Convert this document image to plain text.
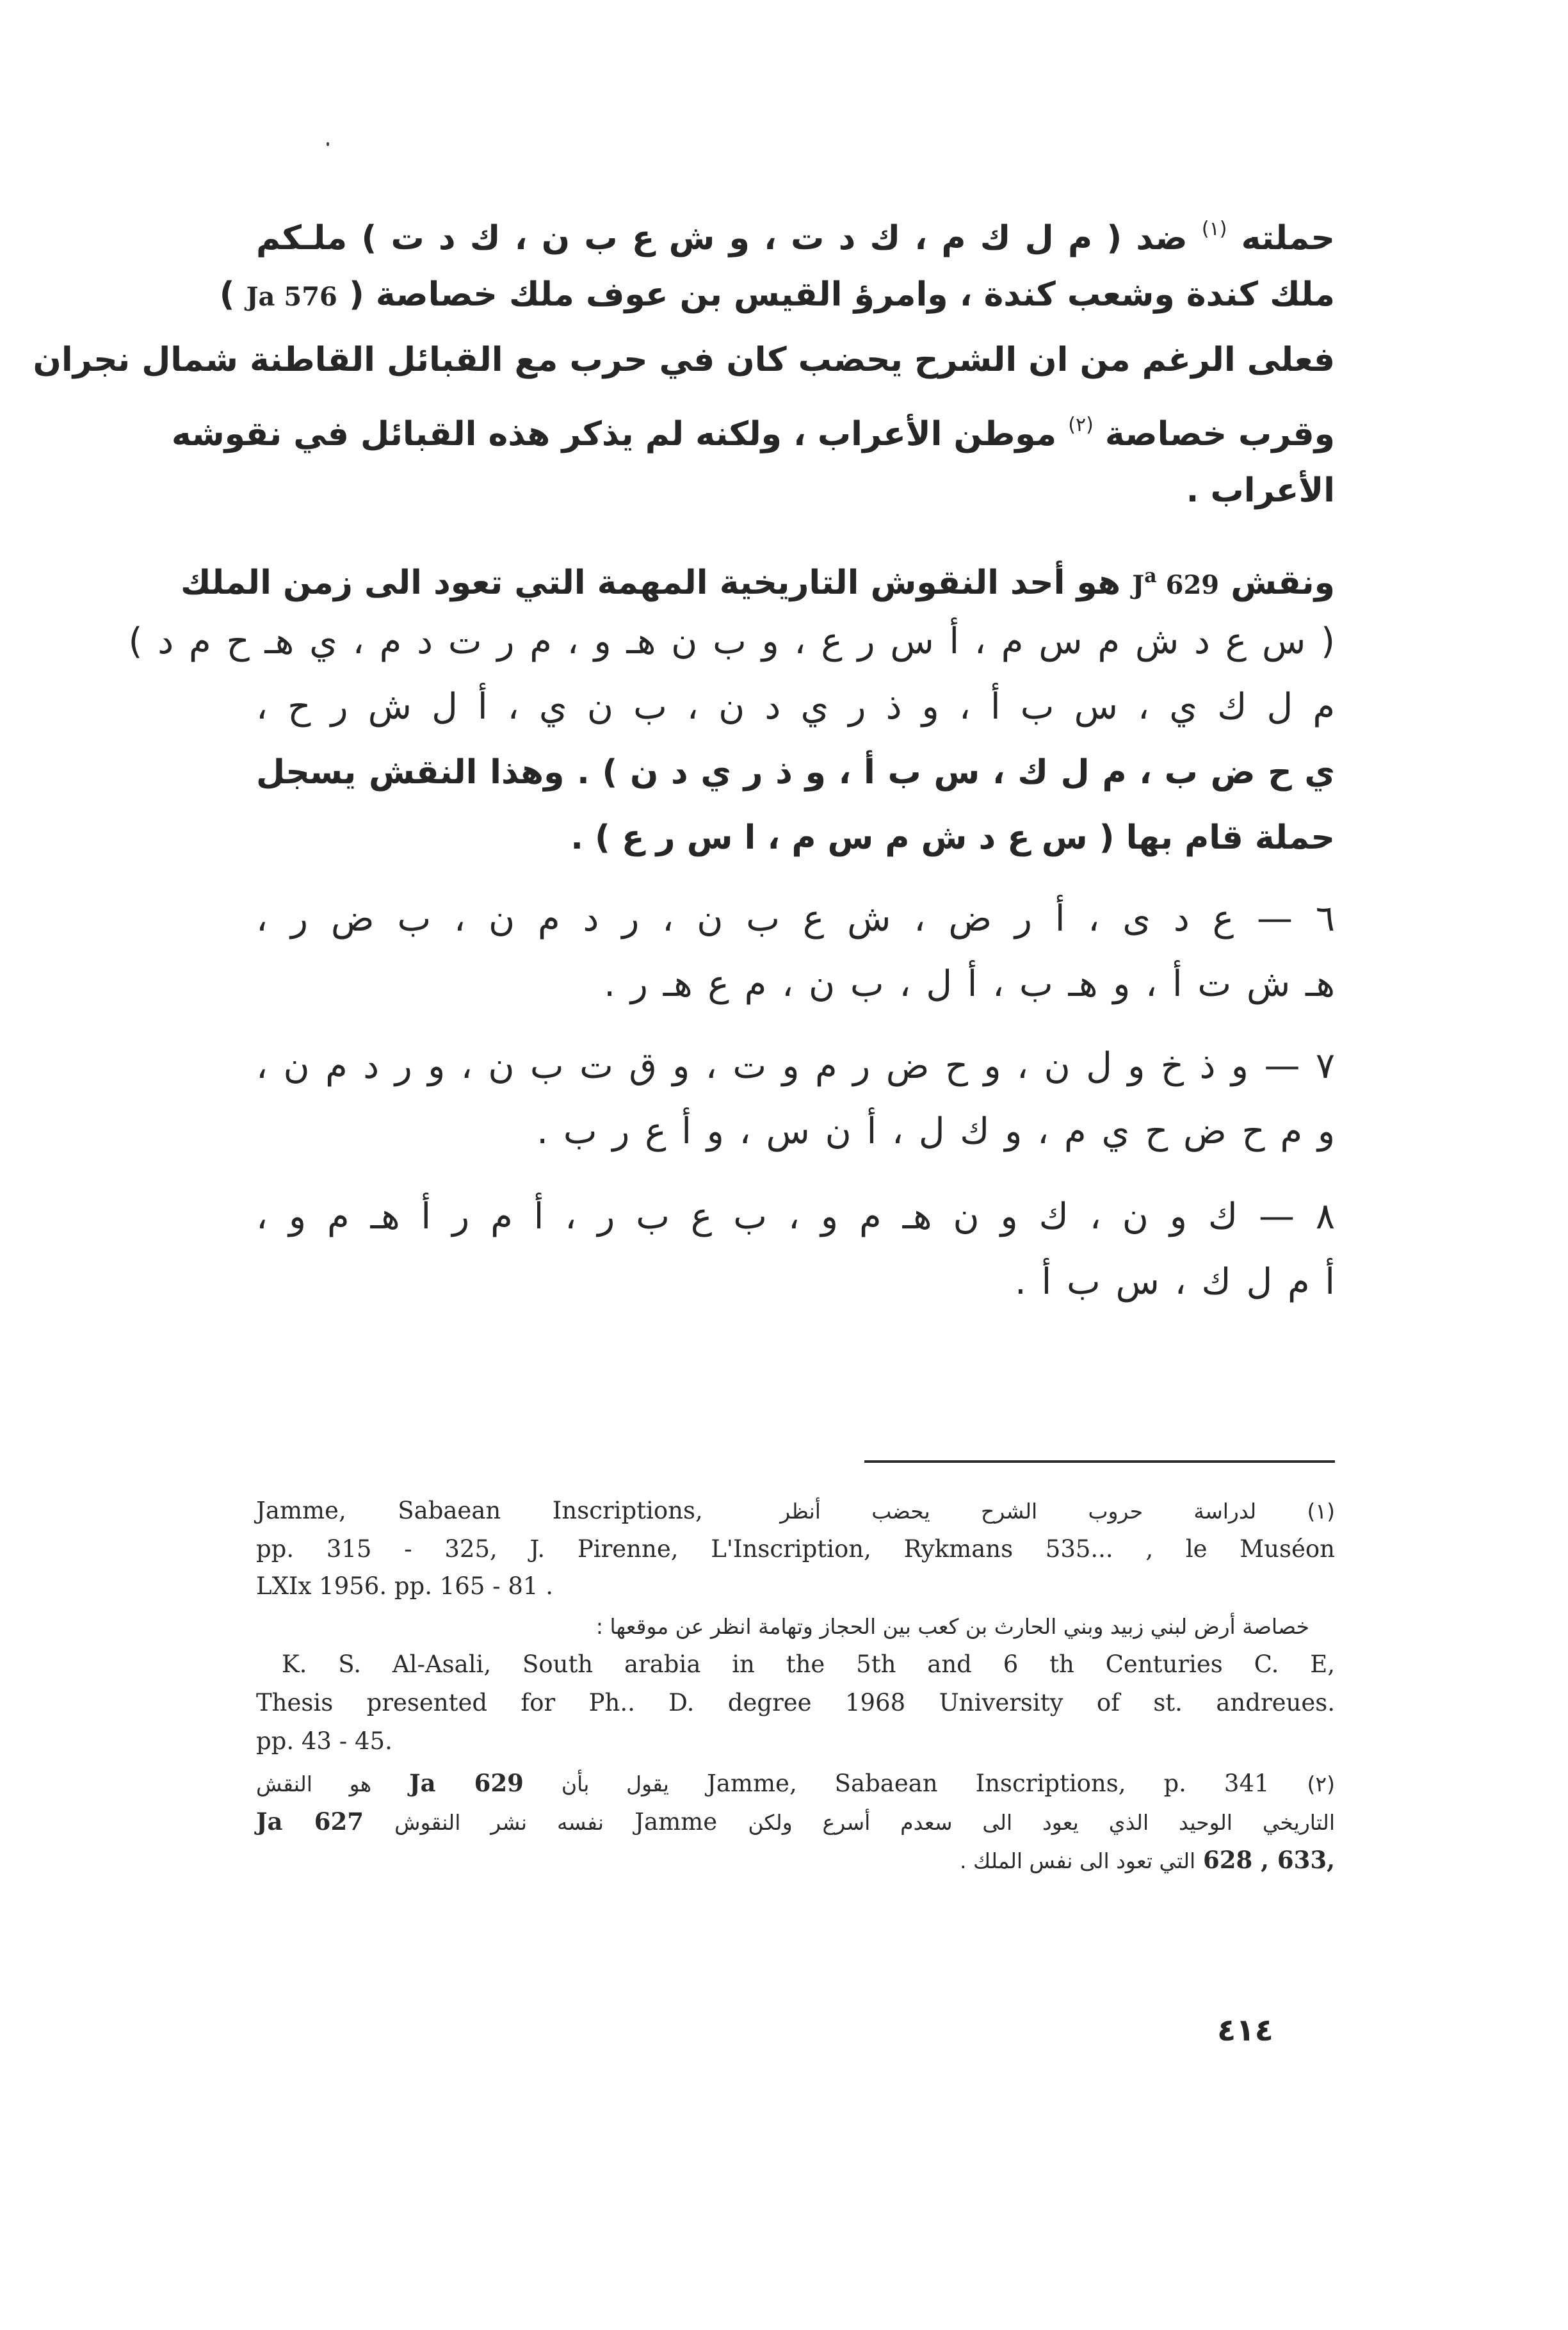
حملته $^{(١)}$ ضد ( م ل ك م ، ك د ت ، و ش ع ب ن ، ك د ت ) ملـكم
ملك كندة وشعب كندة ، وامرؤ القيس بن عوف ملك خصاصة ( Ja 576 )
فعلى الرغم من ان الشرح يحضب كان في حرب مع القبائل القاطنة شمال نجران
وقرب خصاصة $^{(٢)}$ موطن الأعراب ، ولكنه لم يذكر هذه القبائل في نقوشه
الأعراب .
ونقش $J^a$ 629 هو أحد النقوش التاريخية المهمة التي تعود الى زمن الملك
( س ع د ش م س م ، أ س ر ع ، و ب ن هـ و ، م ر ت د م ، ي هـ ح م د )
م ل ك ي ، س ب أ ، و ذ ر ي د ن ، ب ن ي ، أ ل ش ر ح ،
ي ح ض ب ، م ل ك ، س ب أ ، و ذ ر ي د ن ) . وهذا النقش يسجل
حملة قام بها ( س ع د ش م س م ، ا س ر ع ) .
٦ — ع د ى ، أ ر ض ، ش ع ب ن ، ر د م ن ، ب ض ر ،
هـ ش ت أ ، و هـ ب ، أ ل ، ب ن ، م ع هـ ر .
٧ — و ذ خ و ل ن ، و ح ض ر م و ت ، و ق ت ب ن ، و ر د م ن ،
و م ح ض ح ي م ، و ك ل ، أ ن س ، و أ ع ر ب .
٨ — ك و ن ، ك و ن هـ م و ، ب ع ب ر ، أ م ر أ هـ م و ،
أ م ل ك ، س ب أ .
(١) لدراسة حروب الشرح يحضب أنظر Jamme, Sabaean Inscriptions,
pp. 315 - 325, J. Pirenne, L'Inscription, Rykmans 535... , le Muséon
LXIx 1956. pp. 165 - 81 .
خصاصة أرض لبني زبيد وبني الحارث بن كعب بين الحجاز وتهامة انظر عن موقعها :
K. S. Al-Asali, South arabia in the 5th and 6 th Centuries C. E,
Thesis presented for Ph.. D. degree 1968 University of st. andreues.
pp. 43 - 45.
(٢) Jamme, Sabaean Inscriptions, p. 341 يقول بأن Ja 629 هو النقش
التاريخي الوحيد الذي يعود الى سعدم أسرع ولكن Jamme نفسه نشر النقوش Ja 627
628 , 633, التي تعود الى نفس الملك .
٤١٤
